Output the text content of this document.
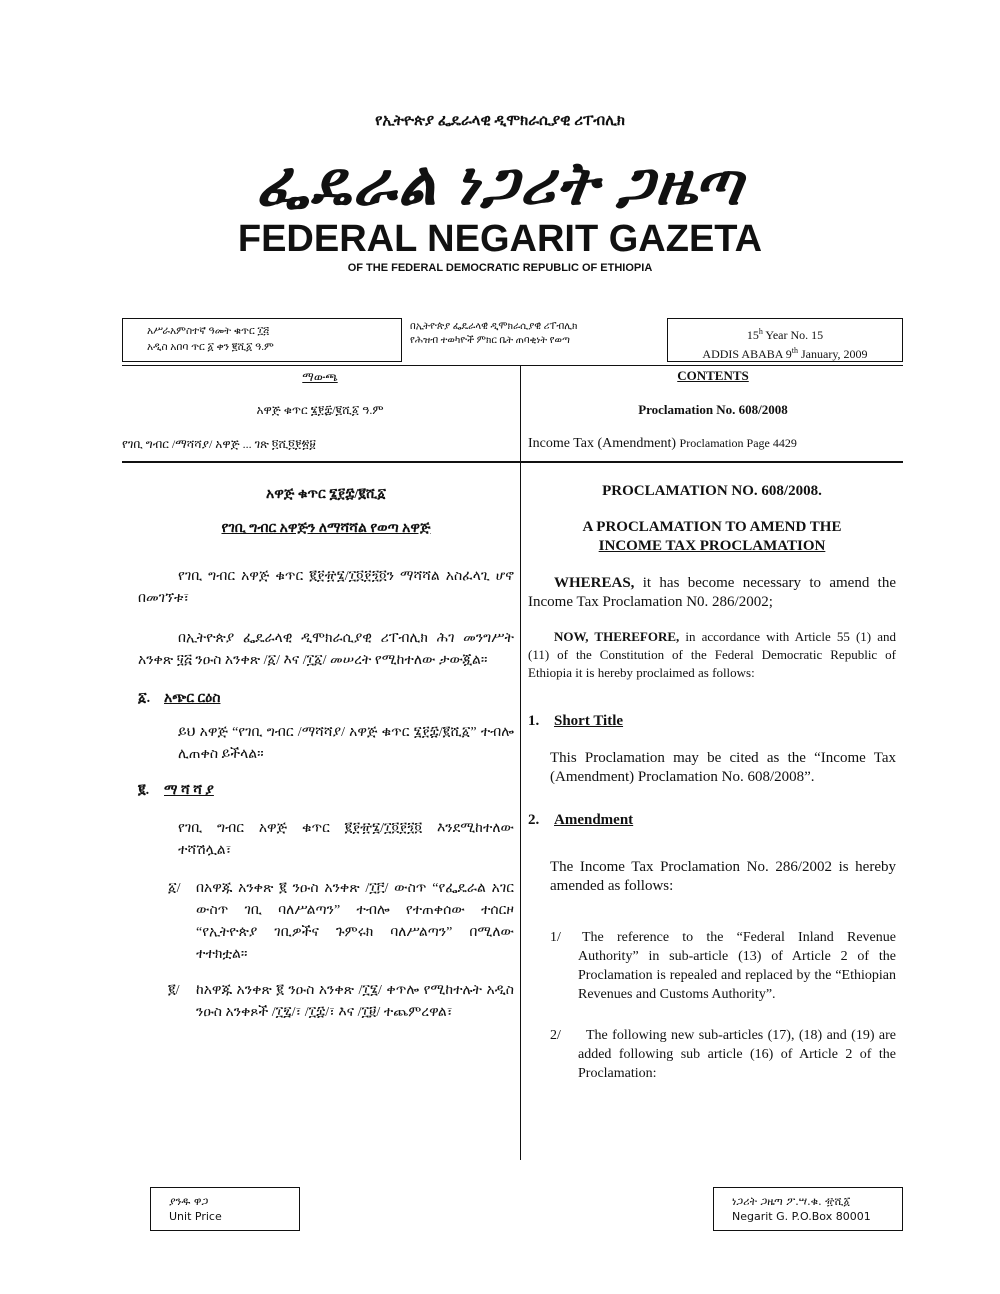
የኢትዮጵያ ፌዴራላዊ ዲሞክራሲያዊ ሪፐብሊክ
ፌዴራል ነጋሪት ጋዜጣ
FEDERAL NEGARIT GAZETA
OF THE FEDERAL DEMOCRATIC REPUBLIC OF ETHIOPIA
አሥራአምስተኛ ዓመት ቁጥር ፲፭
አዲስ አበባ ጥር ፩ ቀን ፪ሺ፩ ዓ.ም
በኢትዮጵያ ፌዴራላዊ ዲሞክራሲያዊ ሪፐብሊክ
የሕዝብ ተወካዮች ምክር ቤት ጠባቂነት የወጣ	15$^h$ Year No. 15
ADDIS ABABA 9th January, 2009
ማውጫ
አዋጅ ቁጥር ፮፻፰/፪ሺ፩ ዓ.ም
የገቢ ግብር /ማሻሻያ/ አዋጅ ... ገጽ ፬ሺ፬፻፳፱
CONTENTS
Proclamation No. 608/2008
Income Tax (Amendment) Proclamation Page 4429
አዋጅ ቁጥር ፮፻፰/፪ሺ፩
የገቢ ግብር አዋጅን ለማሻሻል የወጣ አዋጅ
የገቢ ግብር አዋጅ ቁጥር ፪፻፹፮/፲፬፻፺፬ን ማሻሻል አስፈላጊ ሆኖ በመገኘቱ፣
በኢትዮጵያ ፌዴራላዊ ዲሞክራሲያዊ ሪፐብሊክ ሕገ መንግሥት አንቀጽ ፶፭ ንዑስ አንቀጽ /፩/ እና /፲፩/ መሠረት የሚከተለው ታውጇል።
፩. አጭር ርዕስ
ይህ አዋጅ “የገቢ ግብር /ማሻሻያ/ አዋጅ ቁጥር ፮፻፰/፪ሺ፩” ተብሎ ሊጠቀስ ይችላል።
፪. ማ ሻ ሻ ያ
የገቢ ግብር አዋጅ ቁጥር ፪፻፹፮/፲፬፻፺፬ እንደሚከተለው ተሻሽሏል፣
፩/	በአዋጁ አንቀጽ ፪ ንዑስ አንቀጽ /፲፫/ ውስጥ “የፌዴራል አገር ውስጥ ገቢ ባለሥልጣን” ተብሎ የተጠቀሰው ተሰርዞ “የኢትዮጵያ ገቢዎችና ጉምሩክ ባለሥልጣን” በሚለው ተተክቷል።
፪/	ከአዋጁ አንቀጽ ፪ ንዑስ አንቀጽ /፲፮/ ቀጥሎ የሚከተሉት አዲስ ንዑስ አንቀጾች /፲፯/፣ /፲፰/፣ እና /፲፱/ ተጨምረዋል፣
PROCLAMATION NO. 608/2008.
A PROCLAMATION TO AMEND THE
INCOME TAX PROCLAMATION
WHEREAS, it has become necessary to amend the Income Tax Proclamation N0. 286/2002;
NOW, THEREFORE, in accordance with Article 55 (1) and (11) of the Constitution of the Federal Democratic Republic of Ethiopia it is hereby proclaimed as follows:
1. Short Title
This Proclamation may be cited as the “Income Tax (Amendment) Proclamation No. 608/2008”.
2. Amendment
The Income Tax Proclamation No. 286/2002 is hereby amended as follows:
1/	The reference to the “Federal Inland Revenue Authority” in sub-article (13) of Article 2 of the Proclamation is repealed and replaced by the “Ethiopian Revenues and Customs Authority”.
2/	The following new sub-articles (17), (18) and (19) are added following sub article (16) of Article 2 of the Proclamation:
ያንዱ ዋጋ
Unit Price
ነጋሪት ጋዜጣ ፖ.ሣ.ቁ. ፹ሺ፩
Negarit G. P.O.Box 80001
